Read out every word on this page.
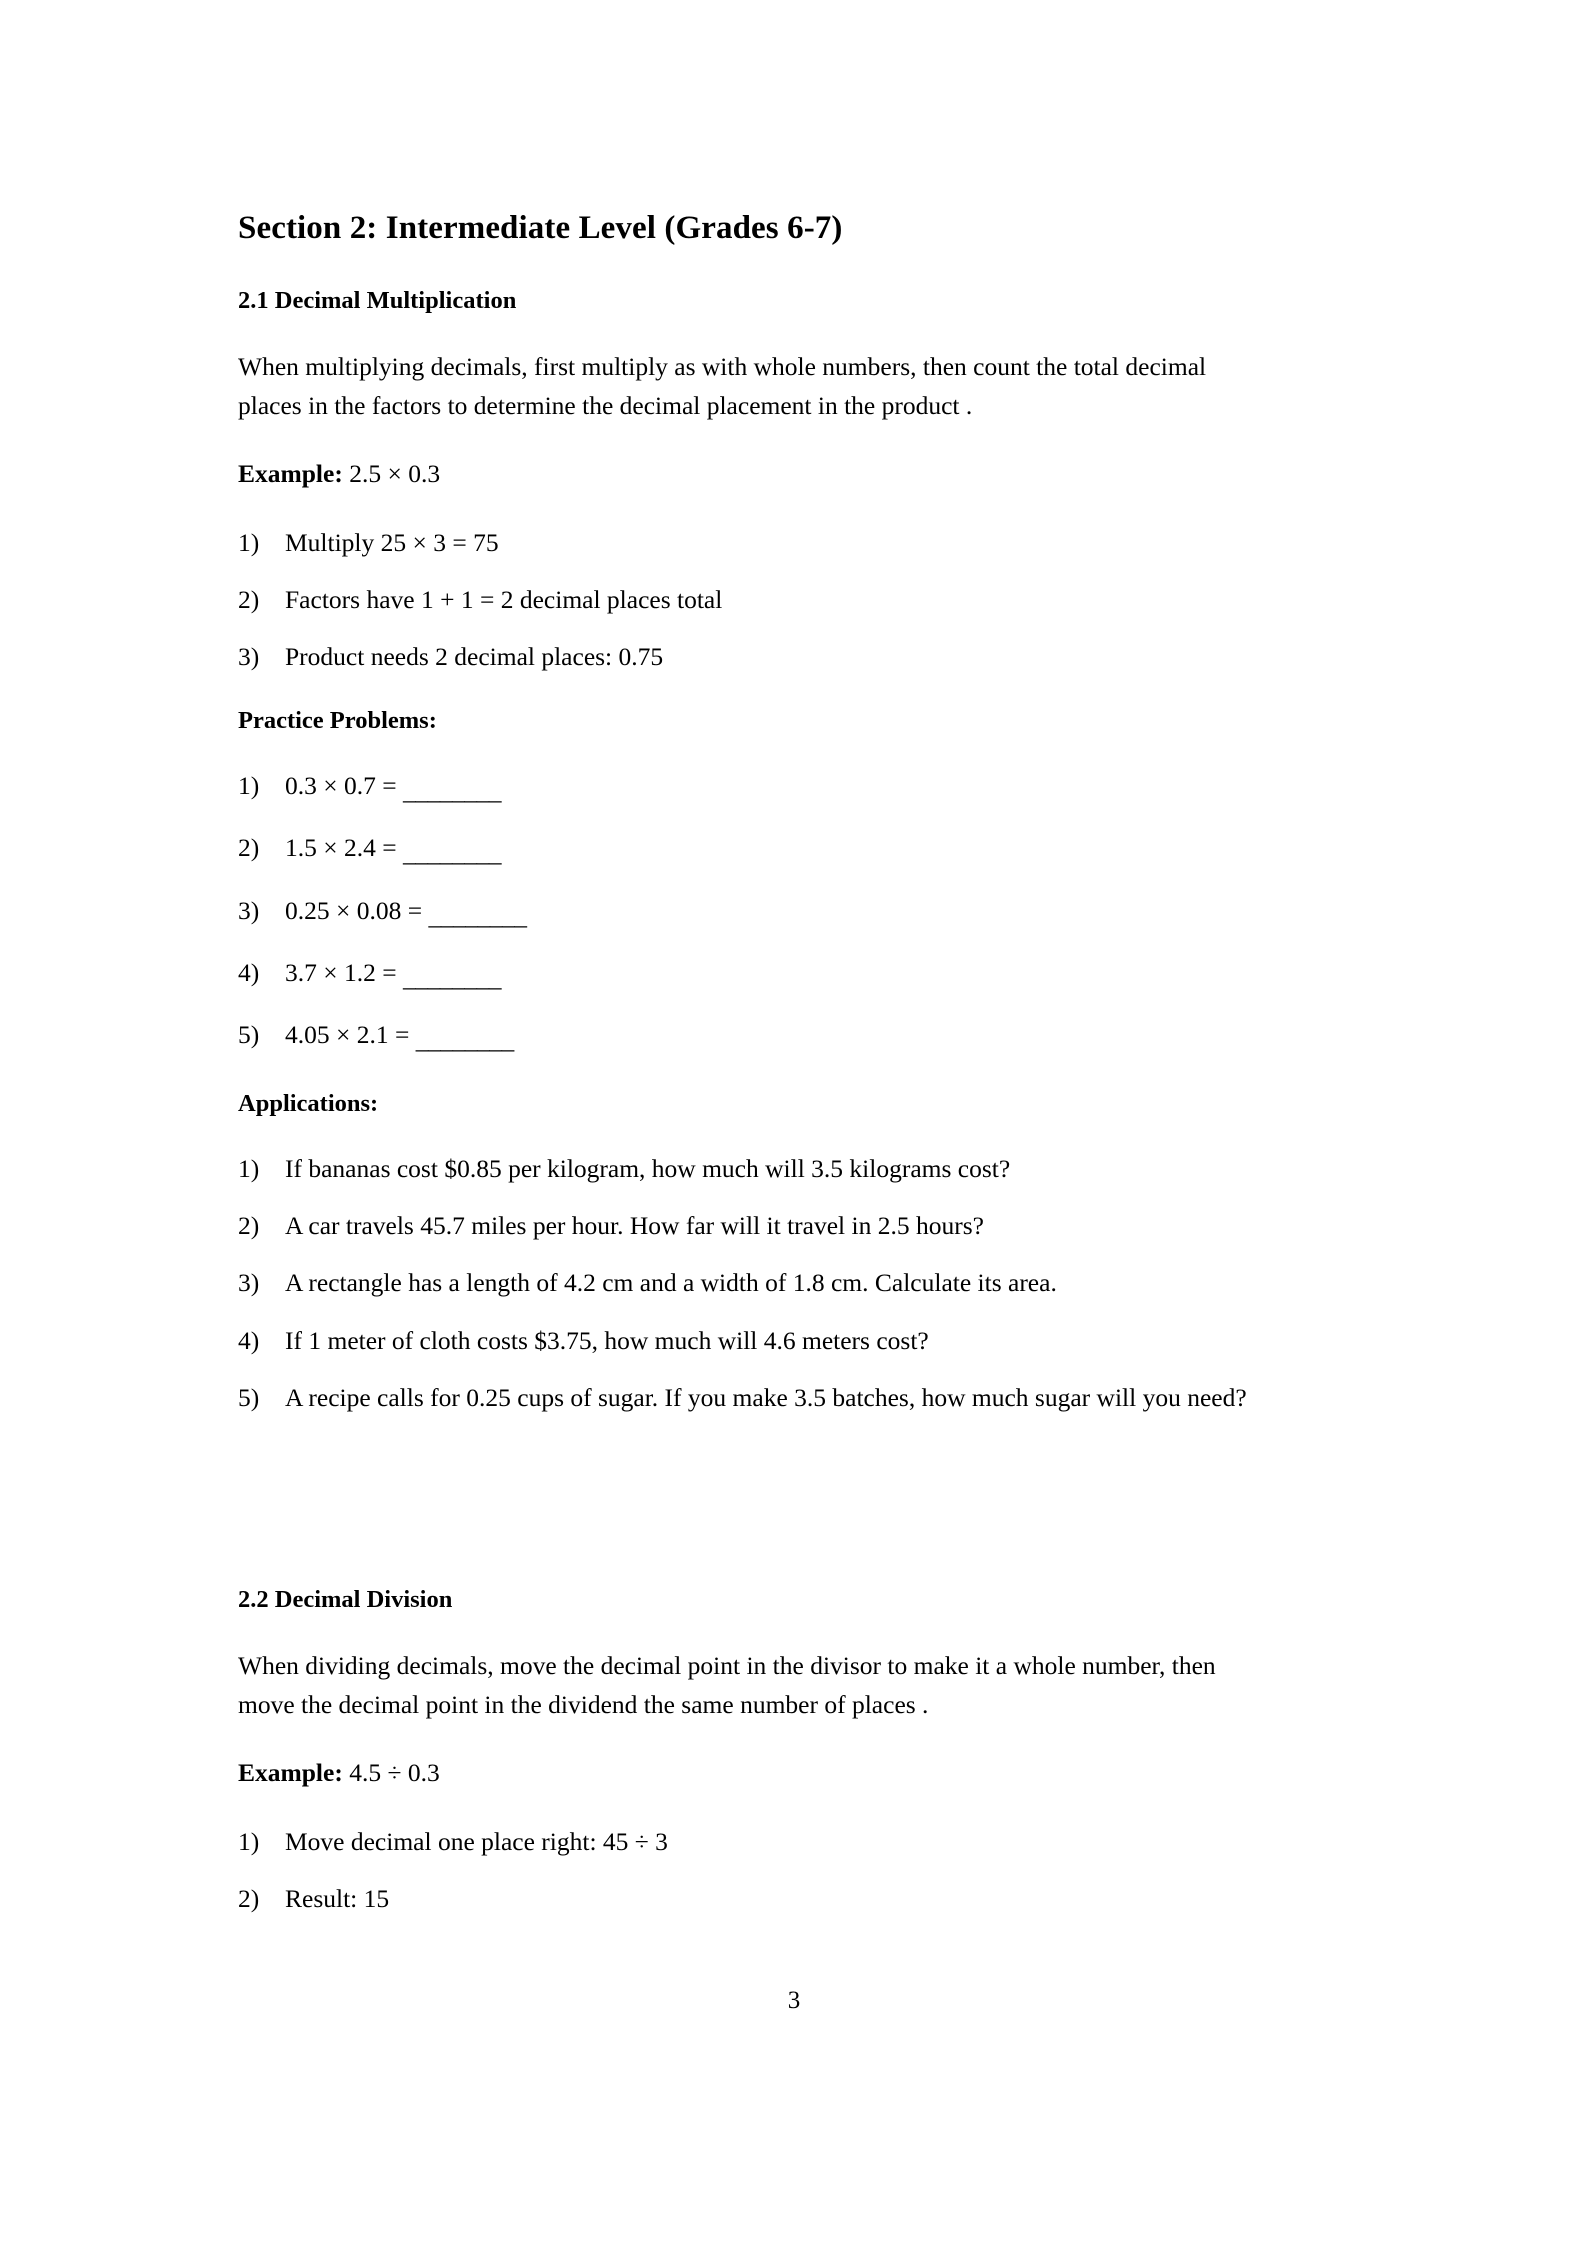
Section 2: Intermediate Level (Grades 6-7)
2.1 Decimal Multiplication

When multiplying decimals, first multiply as with whole numbers, then count the total decimal places in the factors to determine the decimal placement in the product .

Example: 2.5 × 0.3

1)	Multiply 25 × 3 = 75
2)	Factors have 1 + 1 = 2 decimal places total
3)	Product needs 2 decimal places: 0.75
Practice Problems:
1)	0.3 × 0.7 = ________
2)	1.5 × 2.4 = ________
3)	0.25 × 0.08 = ________
4)	3.7 × 1.2 = ________
5)	4.05 × 2.1 = ________
Applications:
1)	If bananas cost $0.85 per kilogram, how much will 3.5 kilograms cost?
2)	A car travels 45.7 miles per hour. How far will it travel in 2.5 hours?
3)	A rectangle has a length of 4.2 cm and a width of 1.8 cm. Calculate its area.
4)	If 1 meter of cloth costs $3.75, how much will 4.6 meters cost?
5)	A recipe calls for 0.25 cups of sugar. If you make 3.5 batches, how much sugar will you need?
2.2 Decimal Division

When dividing decimals, move the decimal point in the divisor to make it a whole number, then move the decimal point in the dividend the same number of places .

Example: 4.5 ÷ 0.3

1)	Move decimal one place right: 45 ÷ 3
2)	Result: 15
3
